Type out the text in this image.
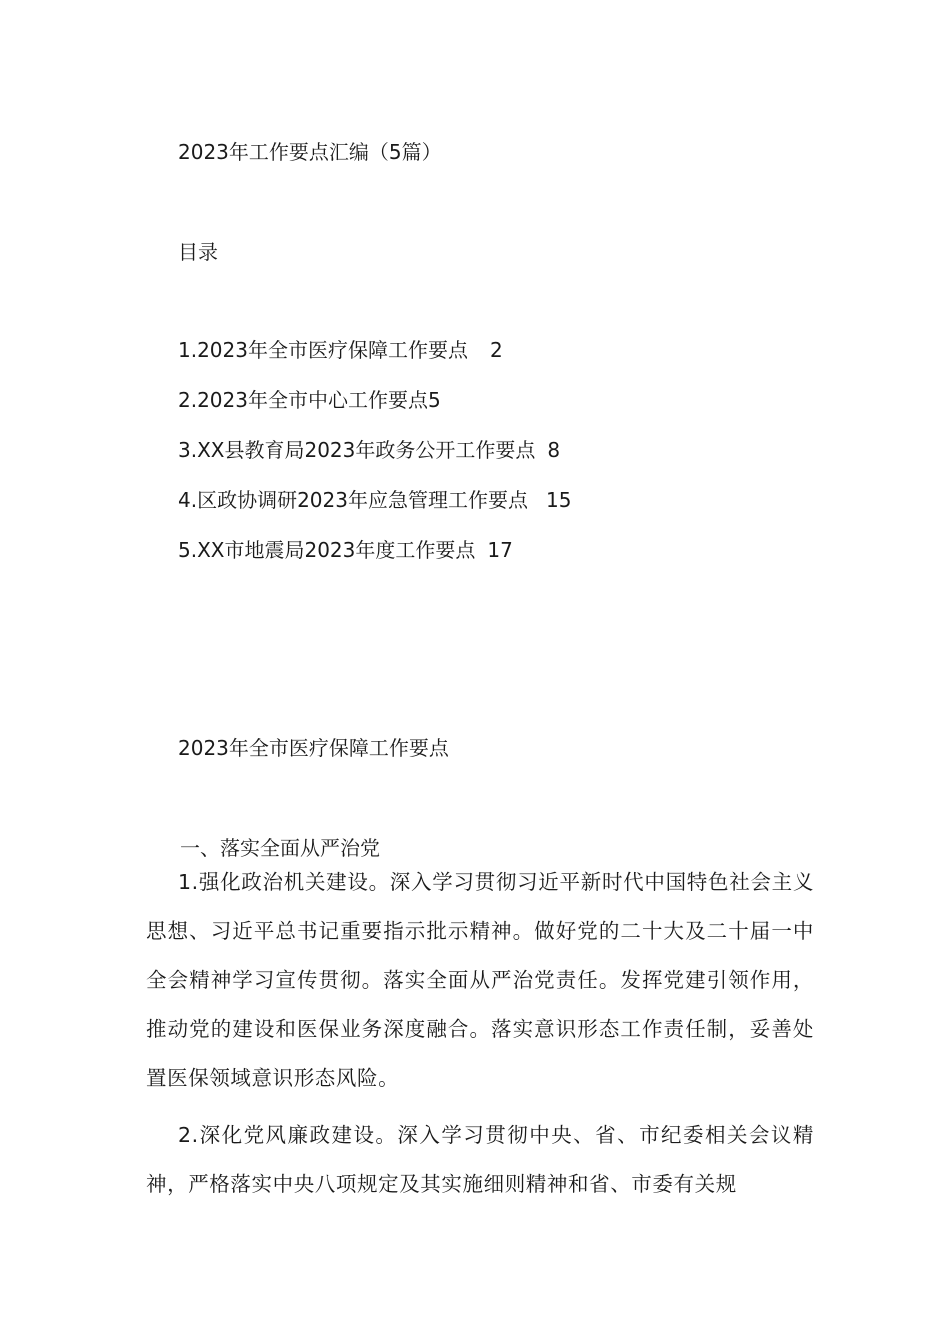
2023年工作要点汇编（5篇）
目录
1.2023年全市医疗保障工作要点 2
2.2023年全市中心工作要点5
3.XX县教育局2023年政务公开工作要点 8
4.区政协调研2023年应急管理工作要点 15
5.XX市地震局2023年度工作要点 17
2023年全市医疗保障工作要点
一、落实全面从严治党

1.强化政治机关建设。深入学习贯彻习近平新时代中国特色社会主义思想、习近平总书记重要指示批示精神。做好党的二十大及二十届一中全会精神学习宣传贯彻。落实全面从严治党责任。发挥党建引领作用，推动党的建设和医保业务深度融合。落实意识形态工作责任制，妥善处置医保领域意识形态风险。

2.深化党风廉政建设。深入学习贯彻中央、省、市纪委相关会议精神，严格落实中央八项规定及其实施细则精神和省、市委有关规
